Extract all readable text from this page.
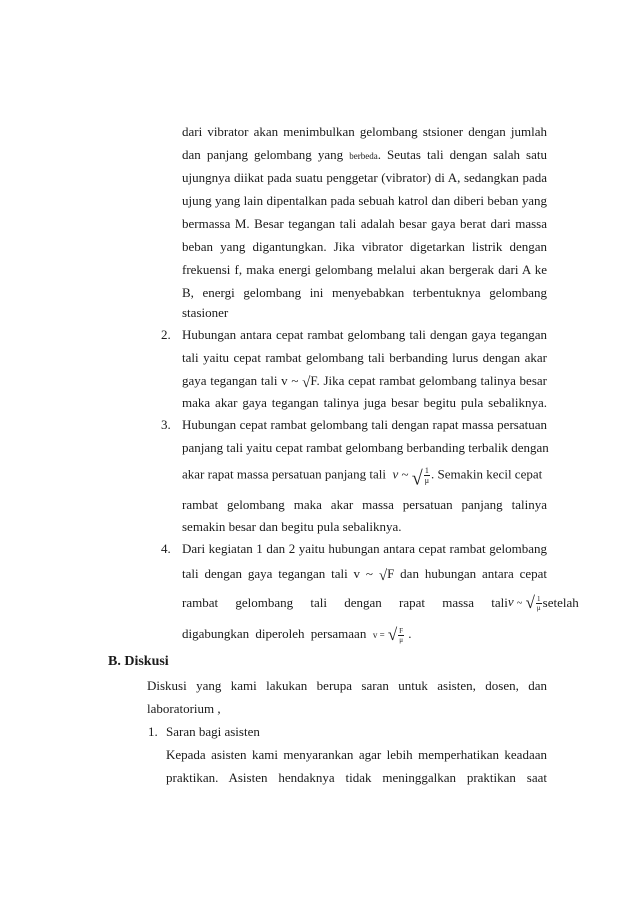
dari vibrator akan menimbulkan gelombang stsioner dengan jumlah
dan panjang gelombang yang berbeda. Seutas tali dengan salah satu
ujungnya diikat pada suatu penggetar (vibrator) di A, sedangkan pada
ujung yang lain dipentalkan pada sebuah katrol dan diberi beban yang
bermassa M. Besar tegangan tali adalah besar gaya berat dari massa
beban yang digantungkan. Jika vibrator digetarkan listrik dengan
frekuensi f, maka energi gelombang melalui akan bergerak dari A ke
B, energi gelombang ini menyebabkan terbentuknya gelombang
stasioner
2. Hubungan antara cepat rambat gelombang tali dengan gaya tegangan
tali yaitu cepat rambat gelombang tali berbanding lurus dengan akar
gaya tegangan tali v ~ √F. Jika cepat rambat gelombang talinya besar
maka akar gaya tegangan talinya juga besar begitu pula sebaliknya.
3. Hubungan cepat rambat gelombang tali dengan rapat massa persatuan
panjang tali yaitu cepat rambat gelombang berbanding terbalik dengan
akar rapat massa persatuan panjang tali v ~ √ $\frac{1}{\mu}$ . Semakin kecil cepat
rambat gelombang maka akar massa persatuan panjang talinya
semakin besar dan begitu pula sebaliknya.
4. Dari kegiatan 1 dan 2 yaitu hubungan antara cepat rambat gelombang
tali dengan gaya tegangan tali v ~ √F dan hubungan antara cepat
rambat gelombang tali dengan rapat massa tali v ~ √ $\frac{1}{\mu}$ setelah
digabungkan diperoleh persamaan v = √ $\frac{F}{\mu}$ .
B. Diskusi
Diskusi yang kami lakukan berupa saran untuk asisten, dosen, dan
laboratorium ,
1. Saran bagi asisten
Kepada asisten kami menyarankan agar lebih memperhatikan keadaan
praktikan. Asisten hendaknya tidak meninggalkan praktikan saat
